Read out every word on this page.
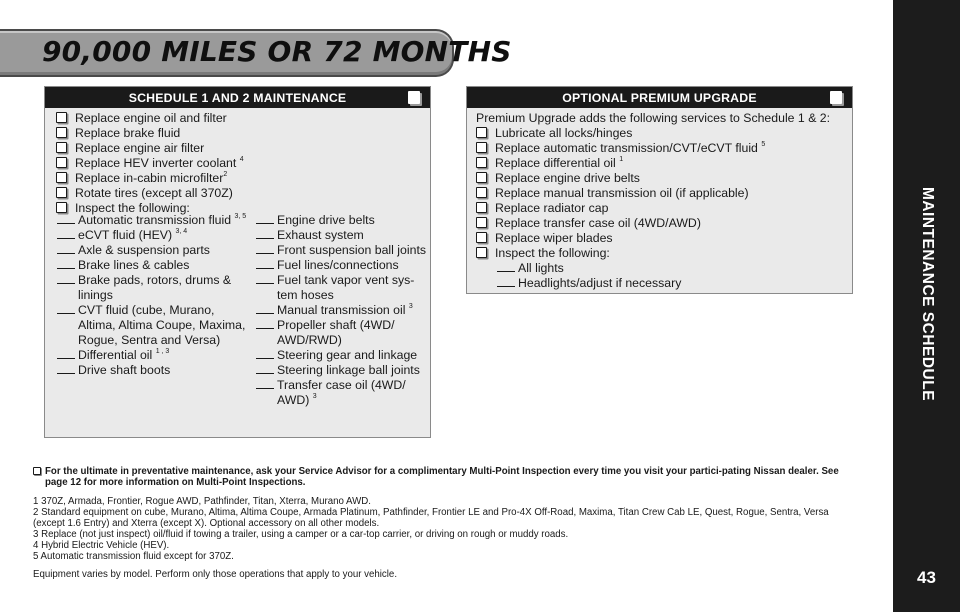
MAINTENANCE SCHEDULE
43
90,000 MILES OR 72 MONTHS
SCHEDULE 1 AND 2 MAINTENANCE
Replace engine oil and filter
Replace brake fluid
Replace engine air filter
Replace HEV inverter coolant $^4$
Replace in-cabin microfilter$^2$
Rotate tires (except all 370Z)
Inspect the following:
Automatic transmission fluid $^{3, 5}$
eCVT fluid (HEV) $^{3, 4}$
Axle & suspension parts
Brake lines & cables
Brake pads, rotors, drums & linings
CVT fluid (cube, Murano, Altima, Altima Coupe, Maxima, Rogue, Sentra and Versa)
Differential oil $^{1 , 3}$
Drive shaft boots
Engine drive belts
Exhaust system
Front suspension ball joints
Fuel lines/connections
Fuel tank vapor vent sys-tem hoses
Manual transmission oil $^3$
Propeller shaft (4WD/ AWD/RWD)
Steering gear and linkage
Steering linkage ball joints
Transfer case oil (4WD/ AWD) $^3$
OPTIONAL PREMIUM UPGRADE
Premium Upgrade adds the following services to Schedule 1 & 2:
Lubricate all locks/hinges
Replace automatic transmission/CVT/eCVT fluid $^5$
Replace differential oil $^1$
Replace engine drive belts
Replace manual transmission oil (if applicable)
Replace radiator cap
Replace transfer case oil (4WD/AWD)
Replace wiper blades
Inspect the following:
All lights
Headlights/adjust if necessary
For the ultimate in preventative maintenance, ask your Service Advisor for a complimentary Multi-Point Inspection every time you visit your partici-pating Nissan dealer. See page 12 for more information on Multi-Point Inspections.
1 370Z, Armada, Frontier, Rogue AWD, Pathfinder, Titan, Xterra, Murano AWD.
2 Standard equipment on cube, Murano, Altima, Altima Coupe, Armada Platinum, Pathfinder, Frontier LE and Pro-4X Off-Road, Maxima, Titan Crew Cab LE, Quest, Rogue, Sentra, Versa (except 1.6 Entry) and Xterra (except X). Optional accessory on all other models.
3 Replace (not just inspect) oil/fluid if towing a trailer, using a camper or a car-top carrier, or driving on rough or muddy roads.
4 Hybrid Electric Vehicle (HEV).
5 Automatic transmission fluid except for 370Z.
Equipment varies by model. Perform only those operations that apply to your vehicle.
